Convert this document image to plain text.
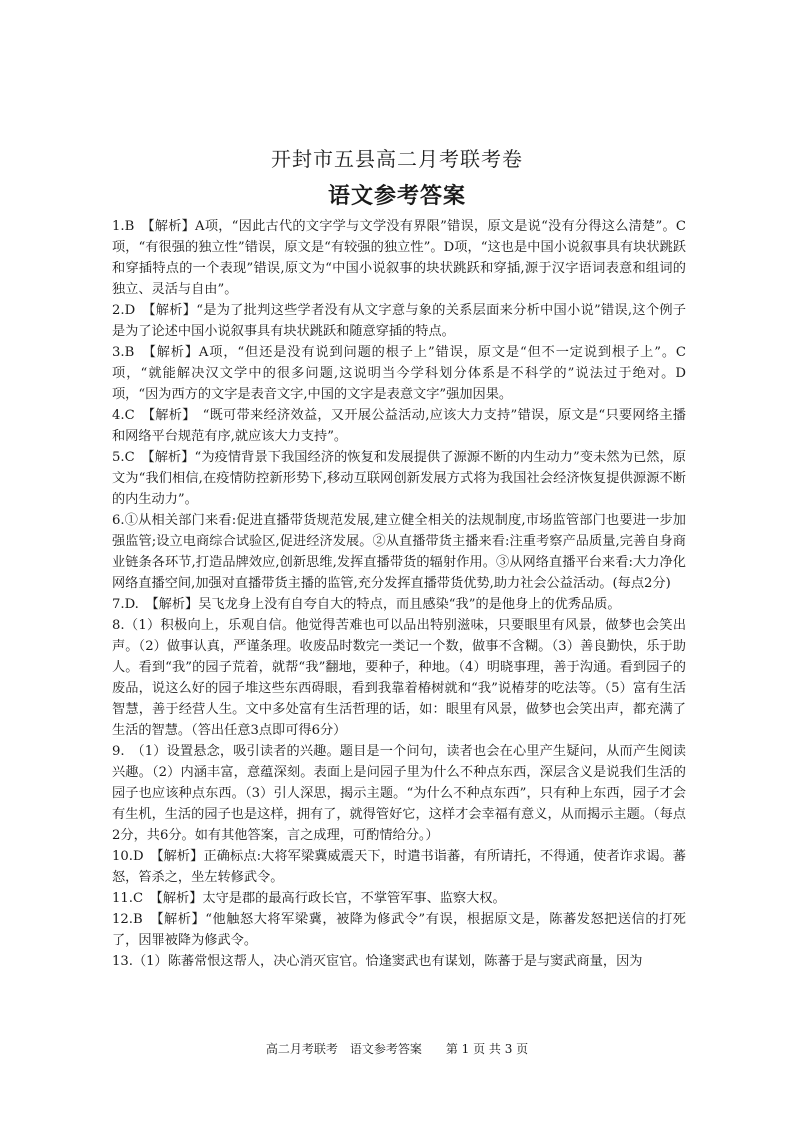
开封市五县高二月考联考卷
语文参考答案

1.B　【解析】A项，“因此古代的文字学与文学没有界限”错误，原文是说“没有分得这么清楚”。C项，“有很强的独立性”错误，原文是“有较强的独立性”。D项，“这也是中国小说叙事具有块状跳跃和穿插特点的一个表现”错误,原文为“中国小说叙事的块状跳跃和穿插,源于汉字语词表意和组词的独立、灵活与自由”。

2.D　【解析】“是为了批判这些学者没有从文字意与象的关系层面来分析中国小说”错误,这个例子是为了论述中国小说叙事具有块状跳跃和随意穿插的特点。

3.B　【解析】A项，“但还是没有说到问题的根子上”错误，原文是“但不一定说到根子上”。C项，“就能解决汉文学中的很多问题,这说明当今学科划分体系是不科学的”说法过于绝对。D项，“因为西方的文字是表音文字,中国的文字是表意文字”强加因果。

4.C　【解析】　“既可带来经济效益，又开展公益活动,应该大力支持”错误，原文是“只要网络主播和网络平台规范有序,就应该大力支持”。

5.C　【解析】“为疫情背景下我国经济的恢复和发展提供了源源不断的内生动力”变未然为已然，原文为“我们相信,在疫情防控新形势下,移动互联网创新发展方式将为我国社会经济恢复提供源源不断的内生动力”。

6.①从相关部门来看:促进直播带货规范发展,建立健全相关的法规制度,市场监管部门也要进一步加强监管;设立电商综合试验区,促进经济发展。②从直播带货主播来看:注重考察产品质量,完善自身商业链条各环节,打造品牌效应,创新思维,发挥直播带货的辐射作用。③从网络直播平台来看:大力净化网络直播空间,加强对直播带货主播的监管,充分发挥直播带货优势,助力社会公益活动。(每点2分)

7.D.　【解析】吴飞龙身上没有自夸自大的特点，而且感染“我”的是他身上的优秀品质。

8.（1）积极向上，乐观自信。他觉得苦难也可以品出特别滋味，只要眼里有风景，做梦也会笑出声。（2）做事认真，严谨条理。收废品时数完一类记一个数，做事不含糊。（3）善良勤快，乐于助人。看到“我”的园子荒着，就帮“我”翻地，要种子，种地。（4）明晓事理，善于沟通。看到园子的废品，说这么好的园子堆这些东西碍眼，看到我靠着椿树就和“我”说椿芽的吃法等。（5）富有生活智慧，善于经营人生。文中多处富有生活哲理的话，如：眼里有风景，做梦也会笑出声，都充满了生活的智慧。（答出任意3点即可得6分）

9.　（1）设置悬念，吸引读者的兴趣。题目是一个问句，读者也会在心里产生疑问，从而产生阅读兴趣。（2）内涵丰富，意蕴深刻。表面上是问园子里为什么不种点东西，深层含义是说我们生活的园子也应该种点东西。（3）引人深思，揭示主题。“为什么不种点东西”，只有种上东西，园子才会有生机，生活的园子也是这样，拥有了，就得管好它，这样才会幸福有意义，从而揭示主题。（每点2分，共6分。如有其他答案，言之成理，可酌情给分。）

10.D　【解析】正确标点:大将军梁冀威震天下，时遣书诣蕃，有所请托，不得通，使者诈求谒。蕃怒，笞杀之，坐左转修武令。

11.C　【解析】太守是郡的最高行政长官，不掌管军事、监察大权。

12.B　【解析】“他触怒大将军梁冀，被降为修武令”有误，根据原文是，陈蕃发怒把送信的打死了，因罪被降为修武令。

13.（1）陈蕃常恨这帮人，决心消灭宦官。恰逢窦武也有谋划，陈蕃于是与窦武商量，因为

高二月考联考　语文参考答案　　第 1 页 共 3 页
